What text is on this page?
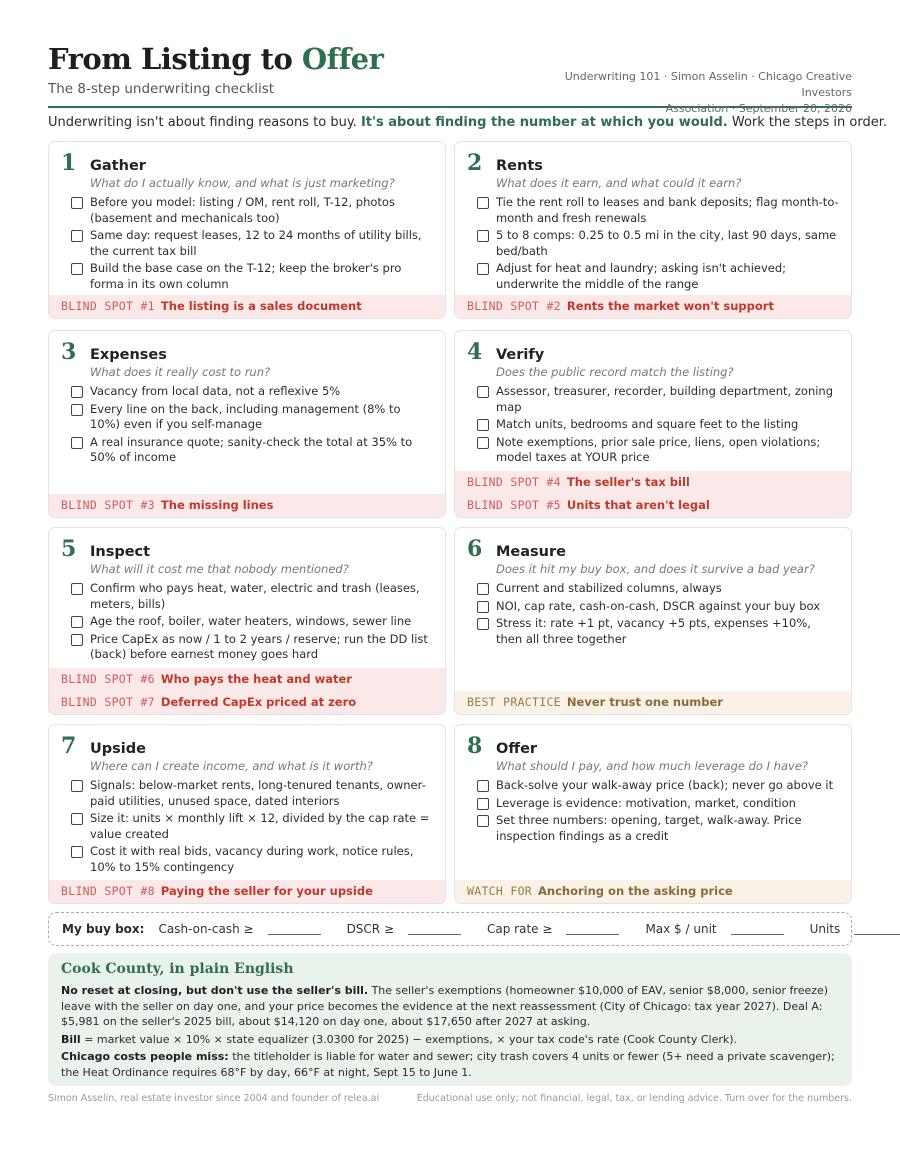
From Listing to Offer
The 8-step underwriting checklist
Underwriting 101 · Simon Asselin · Chicago Creative Investors
Association · September 20, 2026
Underwriting isn't about finding reasons to buy. It's about finding the number at which you would. Work the steps in order.
1 Gather
What do I actually know, and what is just marketing?
Before you model: listing / OM, rent roll, T-12, photos (basement and mechanicals too)
Same day: request leases, 12 to 24 months of utility bills, the current tax bill
Build the base case on the T-12; keep the broker's pro forma in its own column
BLIND SPOT #1 The listing is a sales document
2 Rents
What does it earn, and what could it earn?
Tie the rent roll to leases and bank deposits; flag month-to-month and fresh renewals
5 to 8 comps: 0.25 to 0.5 mi in the city, last 90 days, same bed/bath
Adjust for heat and laundry; asking isn't achieved; underwrite the middle of the range
BLIND SPOT #2 Rents the market won't support
3 Expenses
What does it really cost to run?
Vacancy from local data, not a reflexive 5%
Every line on the back, including management (8% to 10%) even if you self-manage
A real insurance quote; sanity-check the total at 35% to 50% of income
BLIND SPOT #3 The missing lines
4 Verify
Does the public record match the listing?
Assessor, treasurer, recorder, building department, zoning map
Match units, bedrooms and square feet to the listing
Note exemptions, prior sale price, liens, open violations; model taxes at YOUR price
BLIND SPOT #4 The seller's tax bill
BLIND SPOT #5 Units that aren't legal
5 Inspect
What will it cost me that nobody mentioned?
Confirm who pays heat, water, electric and trash (leases, meters, bills)
Age the roof, boiler, water heaters, windows, sewer line
Price CapEx as now / 1 to 2 years / reserve; run the DD list (back) before earnest money goes hard
BLIND SPOT #6 Who pays the heat and water
BLIND SPOT #7 Deferred CapEx priced at zero
6 Measure
Does it hit my buy box, and does it survive a bad year?
Current and stabilized columns, always
NOI, cap rate, cash-on-cash, DSCR against your buy box
Stress it: rate +1 pt, vacancy +5 pts, expenses +10%, then all three together
BEST PRACTICE Never trust one number
7 Upside
Where can I create income, and what is it worth?
Signals: below-market rents, long-tenured tenants, owner-paid utilities, unused space, dated interiors
Size it: units × monthly lift × 12, divided by the cap rate = value created
Cost it with real bids, vacancy during work, notice rules, 10% to 15% contingency
BLIND SPOT #8 Paying the seller for your upside
8 Offer
What should I pay, and how much leverage do I have?
Back-solve your walk-away price (back); never go above it
Leverage is evidence: motivation, market, condition
Set three numbers: opening, target, walk-away. Price inspection findings as a credit
WATCH FOR Anchoring on the asking price
My buy box: Cash-on-cash ≥	DSCR ≥	Cap rate ≥	Max $ / unit	Units
Cook County, in plain English

No reset at closing, but don't use the seller's bill. The seller's exemptions (homeowner $10,000 of EAV, senior $8,000, senior freeze) leave with the seller on day one, and your price becomes the evidence at the next reassessment (City of Chicago: tax year 2027). Deal A: $5,981 on the seller's 2025 bill, about $14,120 on day one, about $17,650 after 2027 at asking.

Bill = market value × 10% × state equalizer (3.0300 for 2025) − exemptions, × your tax code's rate (Cook County Clerk).

Chicago costs people miss: the titleholder is liable for water and sewer; city trash covers 4 units or fewer (5+ need a private scavenger); the Heat Ordinance requires 68°F by day, 66°F at night, Sept 15 to June 1.

Simon Asselin, real estate investor since 2004 and founder of relea.ai	Educational use only; not financial, legal, tax, or lending advice. Turn over for the numbers.
